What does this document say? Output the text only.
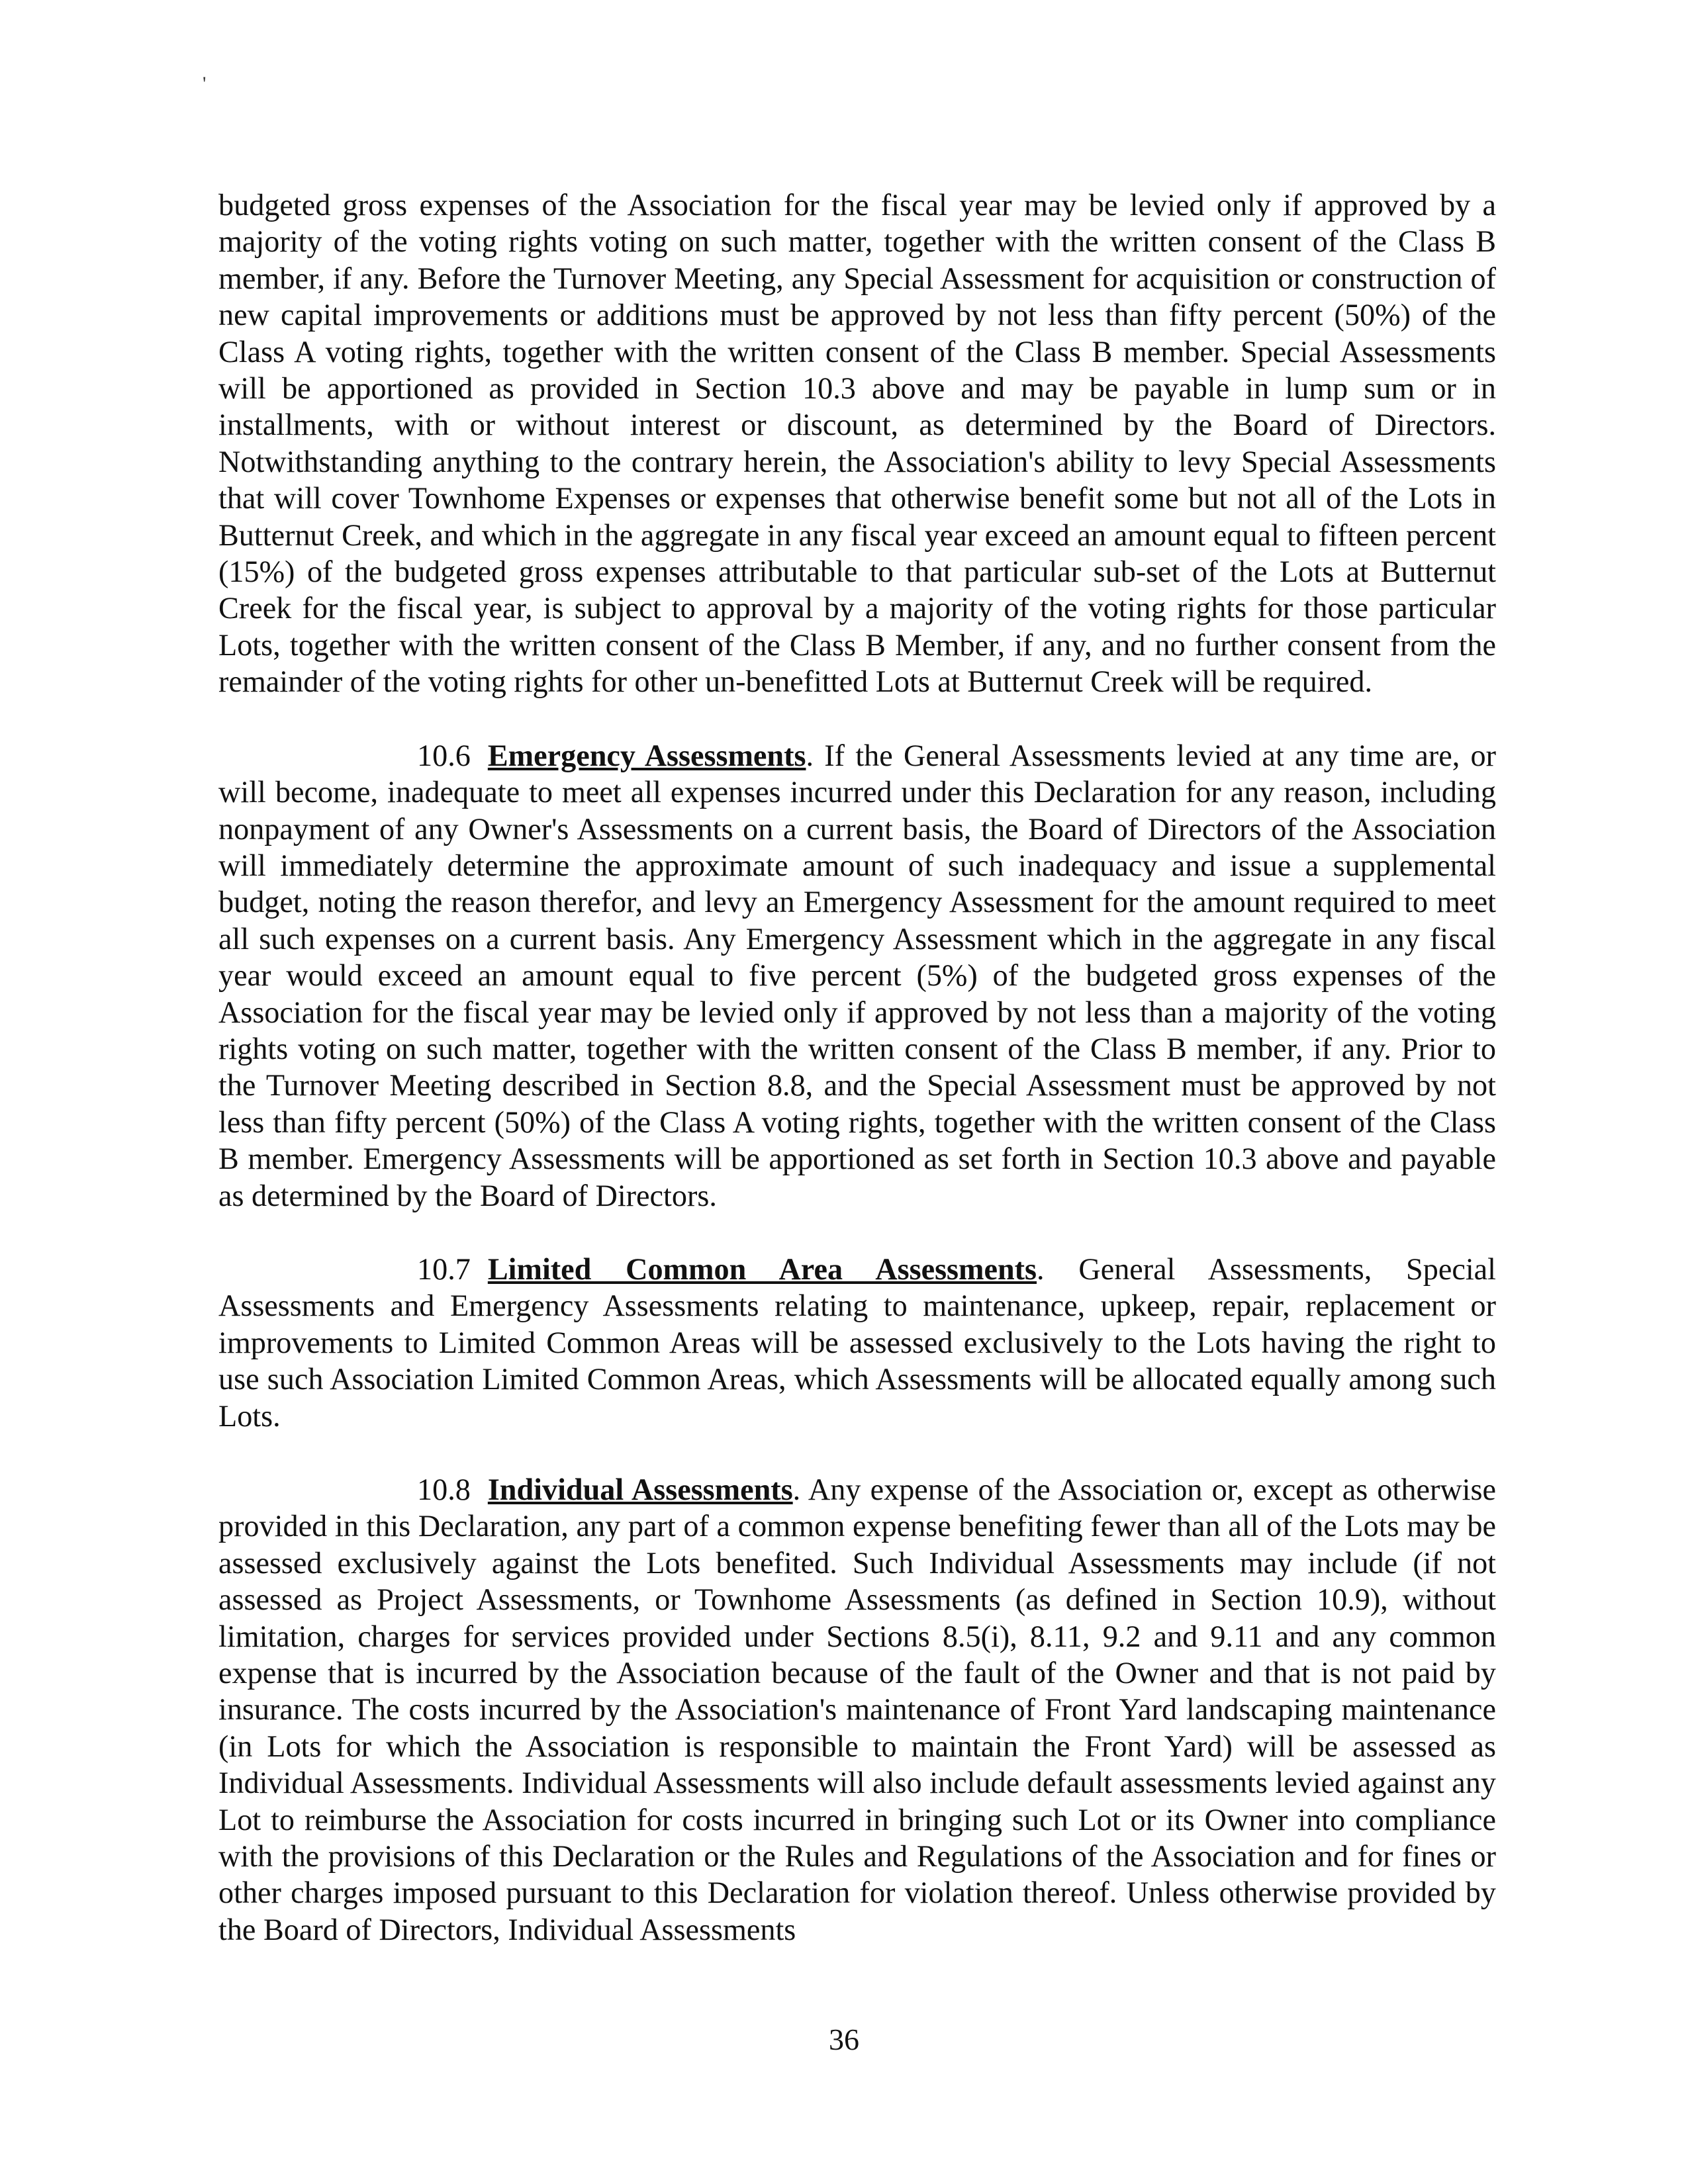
'

budgeted gross expenses of the Association for the fiscal year may be levied only if approved by a majority of the voting rights voting on such matter, together with the written consent of the Class B member, if any. Before the Turnover Meeting, any Special Assessment for acquisition or construction of new capital improvements or additions must be approved by not less than fifty percent (50%) of the Class A voting rights, together with the written consent of the Class B member. Special Assessments will be apportioned as provided in Section 10.3 above and may be payable in lump sum or in installments, with or without interest or discount, as determined by the Board of Directors. Notwithstanding anything to the contrary herein, the Association's ability to levy Special Assessments that will cover Townhome Expenses or expenses that otherwise benefit some but not all of the Lots in Butternut Creek, and which in the aggregate in any fiscal year exceed an amount equal to fifteen percent (15%) of the budgeted gross expenses attributable to that particular sub-set of the Lots at Butternut Creek for the fiscal year, is subject to approval by a majority of the voting rights for those particular Lots, together with the written consent of the Class B Member, if any, and no further consent from the remainder of the voting rights for other un-benefitted Lots at Butternut Creek will be required.

10.6 Emergency Assessments. If the General Assessments levied at any time are, or will become, inadequate to meet all expenses incurred under this Declaration for any reason, including nonpayment of any Owner's Assessments on a current basis, the Board of Directors of the Association will immediately determine the approximate amount of such inadequacy and issue a supplemental budget, noting the reason therefor, and levy an Emergency Assessment for the amount required to meet all such expenses on a current basis. Any Emergency Assessment which in the aggregate in any fiscal year would exceed an amount equal to five percent (5%) of the budgeted gross expenses of the Association for the fiscal year may be levied only if approved by not less than a majority of the voting rights voting on such matter, together with the written consent of the Class B member, if any. Prior to the Turnover Meeting described in Section 8.8, and the Special Assessment must be approved by not less than fifty percent (50%) of the Class A voting rights, together with the written consent of the Class B member. Emergency Assessments will be apportioned as set forth in Section 10.3 above and payable as determined by the Board of Directors.

10.7 Limited Common Area Assessments. General Assessments, Special Assessments and Emergency Assessments relating to maintenance, upkeep, repair, replacement or improvements to Limited Common Areas will be assessed exclusively to the Lots having the right to use such Association Limited Common Areas, which Assessments will be allocated equally among such Lots.

10.8 Individual Assessments. Any expense of the Association or, except as otherwise provided in this Declaration, any part of a common expense benefiting fewer than all of the Lots may be assessed exclusively against the Lots benefited. Such Individual Assessments may include (if not assessed as Project Assessments, or Townhome Assessments (as defined in Section 10.9), without limitation, charges for services provided under Sections 8.5(i), 8.11, 9.2 and 9.11 and any common expense that is incurred by the Association because of the fault of the Owner and that is not paid by insurance. The costs incurred by the Association's maintenance of Front Yard landscaping maintenance (in Lots for which the Association is responsible to maintain the Front Yard) will be assessed as Individual Assessments. Individual Assessments will also include default assessments levied against any Lot to reimburse the Association for costs incurred in bringing such Lot or its Owner into compliance with the provisions of this Declaration or the Rules and Regulations of the Association and for fines or other charges imposed pursuant to this Declaration for violation thereof. Unless otherwise provided by the Board of Directors, Individual Assessments

36
